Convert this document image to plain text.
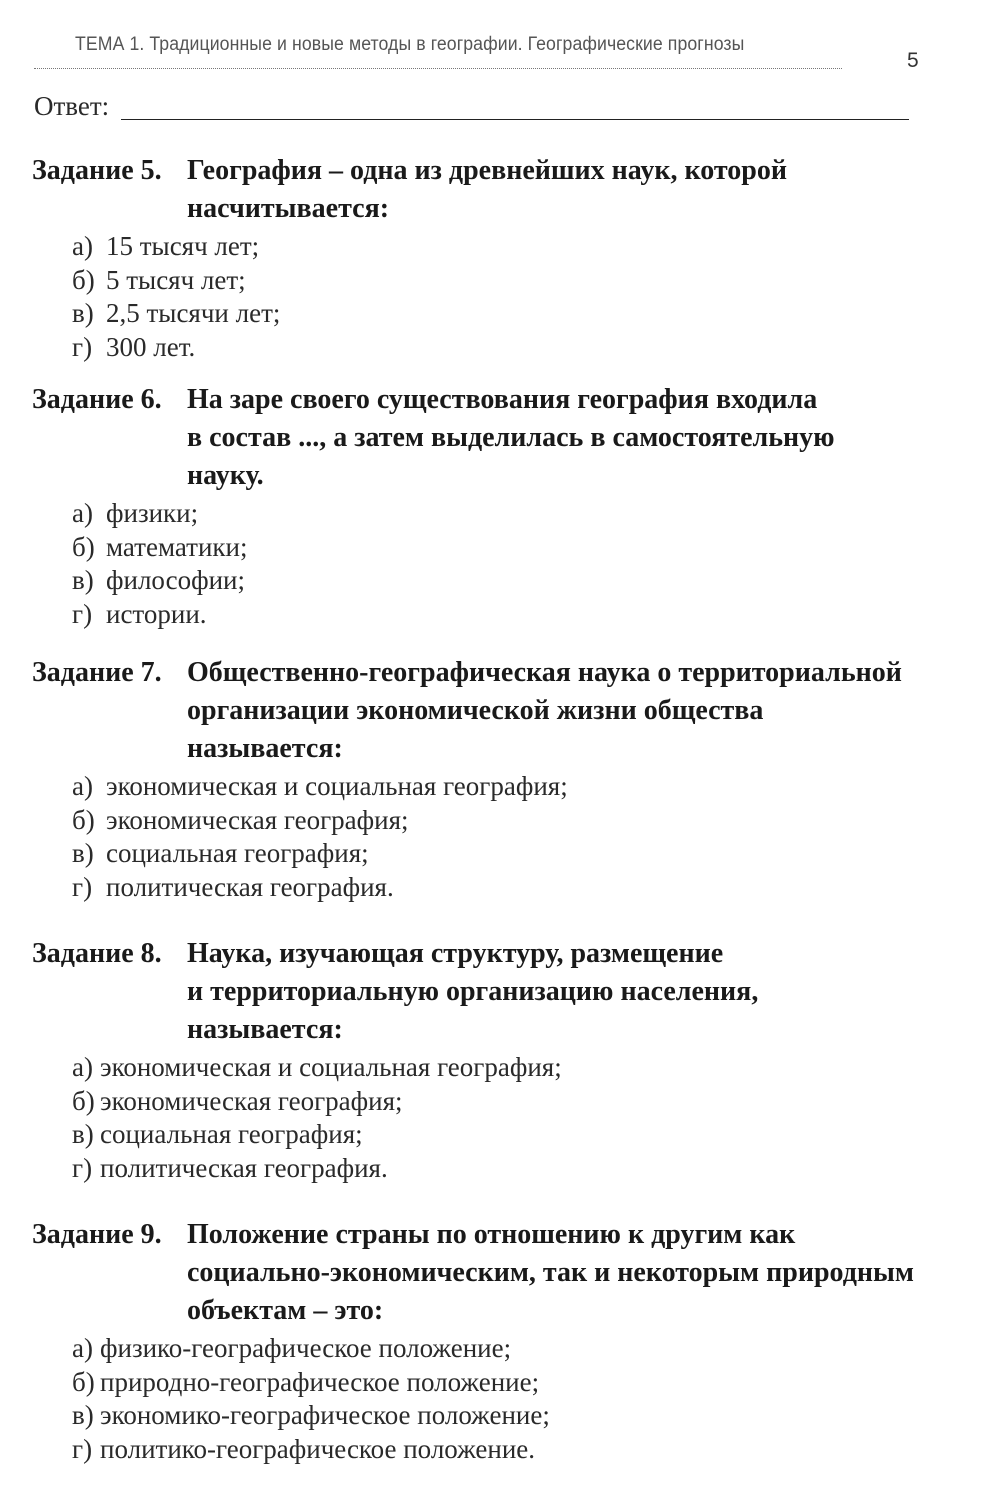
ТЕМА 1. Традиционные и новые методы в географии. Географические прогнозы
5
Ответ:
Задание 5. География – одна из древнейших наук, которой
насчитывается:
а) 15 тысяч лет;
б) 5 тысяч лет;
в) 2,5 тысячи лет;
г) 300 лет.
Задание 6. На заре своего существования география входила
в состав ..., а затем выделилась в самостоятельную
науку.
а) физики;
б) математики;
в) философии;
г) истории.
Задание 7. Общественно-географическая наука о территориальной
организации экономической жизни общества
называется:
а) экономическая и социальная география;
б) экономическая география;
в) социальная география;
г) политическая география.
Задание 8. Наука, изучающая структуру, размещение
и территориальную организацию населения,
называется:
а) экономическая и социальная география;
б) экономическая география;
в) социальная география;
г) политическая география.
Задание 9. Положение страны по отношению к другим как
социально-экономическим, так и некоторым природным
объектам – это:
а) физико-географическое положение;
б) природно-географическое положение;
в) экономико-географическое положение;
г) политико-географическое положение.
